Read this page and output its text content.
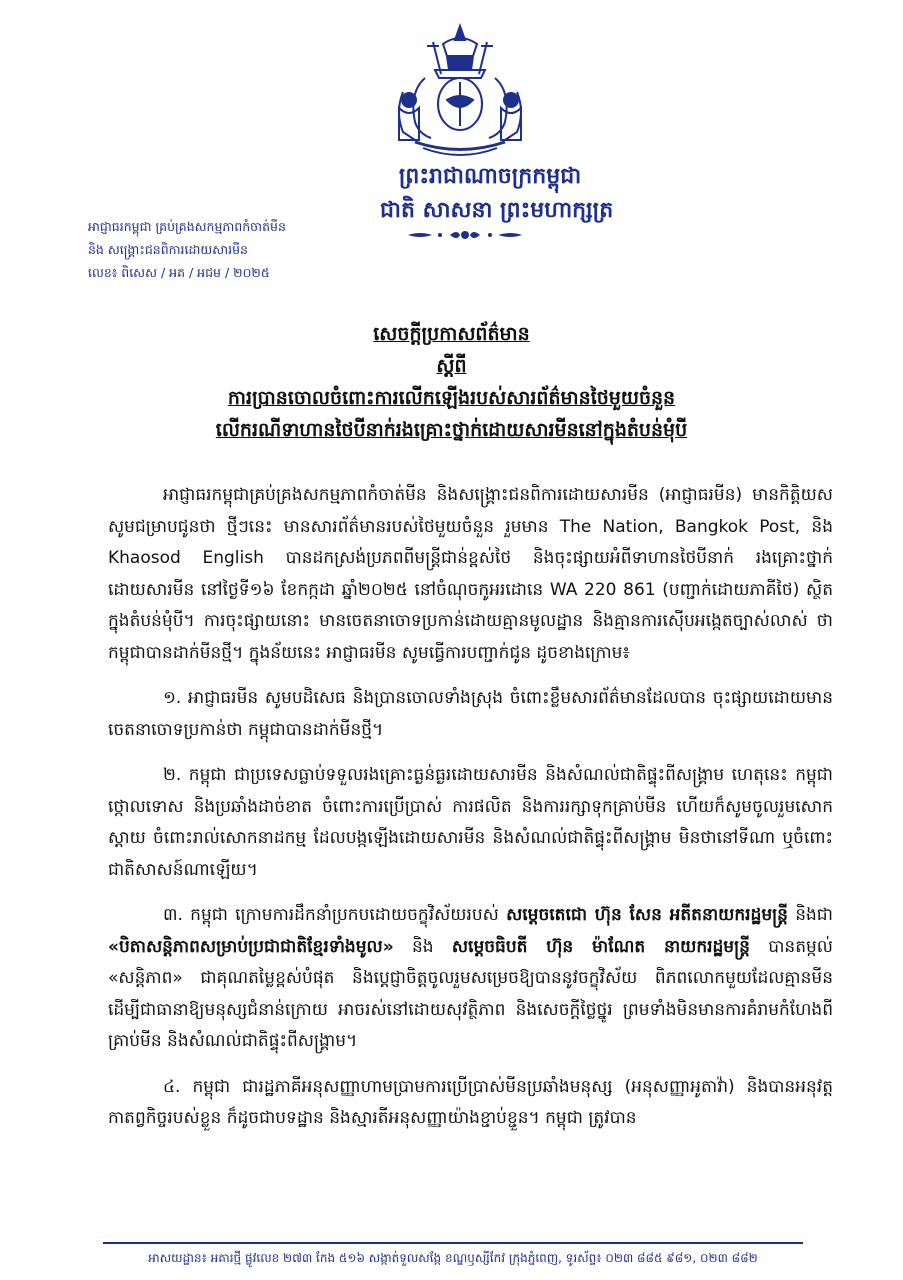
ព្រះរាជាណាចក្រកម្ពុជា
ជាតិ សាសនា ព្រះមហាក្សត្រ
អាជ្ញាធរកម្ពុជា គ្រប់គ្រងសកម្មភាពកំចាត់មីន
និង សង្គ្រោះជនពិការដោយសារមីន
លេខ៖ ពិសេស / អគ / អជម / ២០២៥
សេចក្តីប្រកាសព័ត៌មាន
ស្តីពី
ការប្រានចោលចំពោះការលើកឡើងរបស់សារព័ត៌មានថៃមួយចំនួន
លើករណីទាហានថៃបីនាក់រងគ្រោះថ្នាក់ដោយសារមីននៅក្នុងតំបន់មុំបី

អាជ្ញាធរកម្ពុជាគ្រប់គ្រងសកម្មភាពកំចាត់មីន និងសង្គ្រោះជនពិការដោយសារមីន (អាជ្ញាធរមីន) មានកិត្តិយសសូមជម្រាបជូនថា ថ្មីៗនេះ មានសារព័ត៌មានរបស់ថៃមួយចំនួន រួមមាន The Nation, Bangkok Post, និង Khaosod English បានដកស្រង់ប្រភពពីមន្ត្រីជាន់ខ្ពស់ថៃ និងចុះផ្សាយអំពីទាហានថៃបីនាក់ រងគ្រោះថ្នាក់ដោយសារមីន នៅថ្ងៃទី១៦ ខែកក្កដា ឆ្នាំ២០២៥ នៅចំណុចកូអរដោនេ WA 220 861 (បញ្ជាក់ដោយភាគីថៃ) ស្ថិតក្នុងតំបន់មុំបី។ ការចុះផ្សាយនោះ មានចេតនាចោទប្រកាន់ដោយគ្មានមូលដ្ឋាន និងគ្មានការស៊ើបអង្កេតច្បាស់លាស់ ថាកម្ពុជាបានដាក់មីនថ្មី។ ក្នុងន័យនេះ អាជ្ញាធរមីន សូមធ្វើការបញ្ជាក់ជូន ដូចខាងក្រោម៖

១. អាជ្ញាធរមីន សូមបដិសេធ និងប្រានចោលទាំងស្រុង ចំពោះខ្លឹមសារព័ត៌មានដែលបាន ចុះផ្សាយដោយមានចេតនាចោទប្រកាន់ថា កម្ពុជាបានដាក់មីនថ្មី។

២. កម្ពុជា ជាប្រទេសធ្លាប់ទទួលរងគ្រោះធ្ងន់ធ្ងរដោយសារមីន និងសំណល់ជាតិផ្ទុះពីសង្គ្រាម ហេតុនេះ កម្ពុជាថ្កោលទោស និងប្រឆាំងដាច់ខាត ចំពោះការប្រើប្រាស់ ការផលិត និងការរក្សាទុកគ្រាប់មីន ហើយក៏សូមចូលរួមសោកស្តាយ ចំពោះរាល់សោកនាដកម្ម ដែលបង្កឡើងដោយសារមីន និងសំណល់ជាតិផ្ទុះពីសង្គ្រាម មិនថានៅទីណា ឬចំពោះជាតិសាសន៍ណាឡើយ។

៣. កម្ពុជា ក្រោមការដឹកនាំប្រកបដោយចក្ខុវិស័យរបស់ សម្តេចតេជោ ហ៊ុន សែន អតីតនាយករដ្ឋមន្ត្រី និងជា «បិតាសន្តិភាពសម្រាប់ប្រជាជាតិខ្មែរទាំងមូល» និង សម្តេចធិបតី ហ៊ុន ម៉ាណែត នាយករដ្ឋមន្ត្រី បានតម្កល់ «សន្តិភាព» ជាគុណតម្លៃខ្ពស់បំផុត និងប្តេជ្ញាចិត្តចូលរួមសម្រេចឱ្យបាននូវចក្ខុវិស័យ ពិភពលោកមួយដែលគ្មានមីន ដើម្បីជាធានាឱ្យមនុស្សជំនាន់ក្រោយ អាចរស់នៅដោយសុវត្ថិភាព និងសេចក្តីថ្លៃថ្នូរ ព្រមទាំងមិនមានការគំរាមកំហែងពីគ្រាប់មីន និងសំណល់ជាតិផ្ទុះពីសង្គ្រាម។

៤. កម្ពុជា ជារដ្ឋភាគីអនុសញ្ញាហាមប្រាមការប្រើប្រាស់មីនប្រឆាំងមនុស្ស (អនុសញ្ញាអូតាវ៉ា) និងបានអនុវត្តកាតព្វកិច្ចរបស់ខ្លួន ក៏ដូចជាបទដ្ឋាន និងស្មារតីអនុសញ្ញាយ៉ាងខ្ជាប់ខ្ជួន។ កម្ពុជា ត្រូវបាន

អាសយដ្ឋាន៖ អគារថ្មី ផ្លូវលេខ ២៧៣ កែង ៥១៦ សង្កាត់ទួលសង្កែ ខណ្ឌឫស្សីកែវ ក្រុងភ្នំពេញ, ទូរស័ព្ទ៖ ០២៣ ៨៨៥ ៩៨១, ០២៣ ៨៨២
